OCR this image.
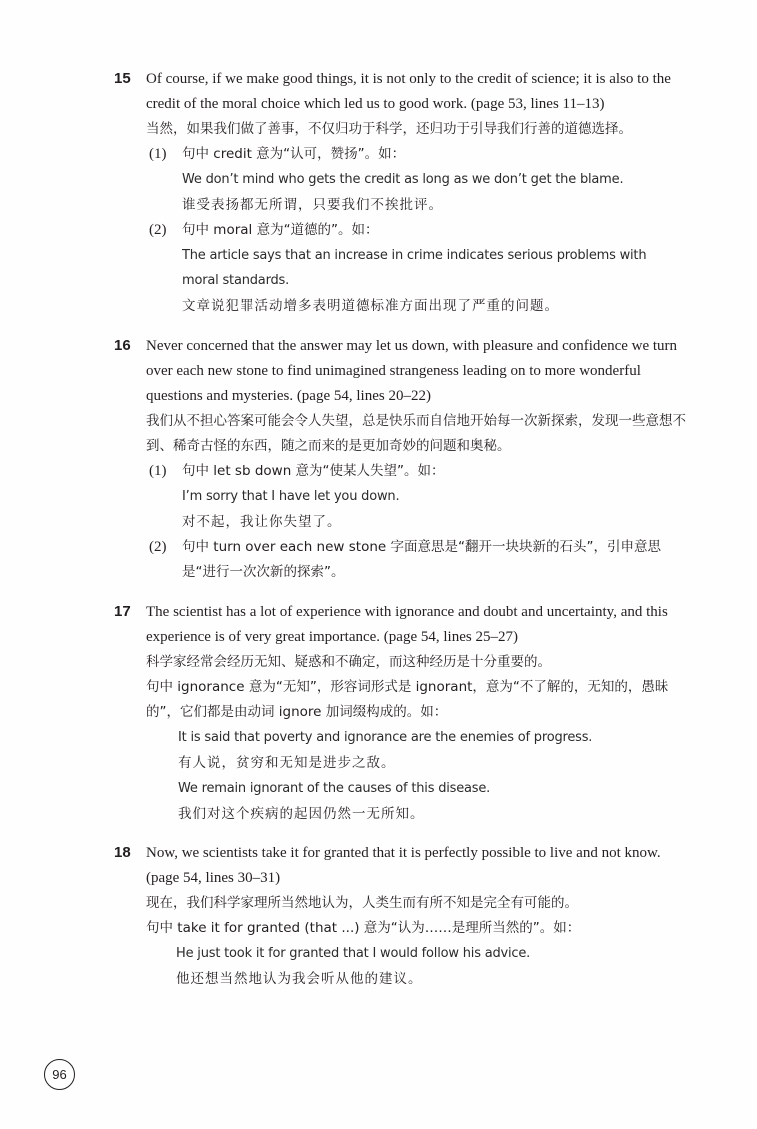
15 Of course, if we make good things, it is not only to the credit of science; it is also to the credit of the moral choice which led us to good work. (page 53, lines 11–13)
当然，如果我们做了善事，不仅归功于科学，还归功于引导我们行善的道德选择。
(1) 句中 credit 意为“认可，赞扬”。如：
We don’t mind who gets the credit as long as we don’t get the blame.
谁受表扬都无所谓，只要我们不挨批评。
(2) 句中 moral 意为“道德的”。如：
The article says that an increase in crime indicates serious problems with moral standards.
文章说犯罪活动增多表明道德标准方面出现了严重的问题。
16 Never concerned that the answer may let us down, with pleasure and confidence we turn over each new stone to find unimagined strangeness leading on to more wonderful questions and mysteries. (page 54, lines 20–22)
我们从不担心答案可能会令人失望，总是快乐而自信地开始每一次新探索，发现一些意想不到、稀奇古怪的东西，随之而来的是更加奇妙的问题和奥秘。
(1) 句中 let sb down 意为“使某人失望”。如：
I’m sorry that I have let you down.
对不起，我让你失望了。
(2) 句中 turn over each new stone 字面意思是“翻开一块块新的石头”，引申意思是“进行一次次新的探索”。
17 The scientist has a lot of experience with ignorance and doubt and uncertainty, and this experience is of very great importance. (page 54, lines 25–27)
科学家经常会经历无知、疑惑和不确定，而这种经历是十分重要的。
句中 ignorance 意为“无知”，形容词形式是 ignorant，意为“不了解的，无知的，愚昧的”，它们都是由动词 ignore 加词缀构成的。如：
It is said that poverty and ignorance are the enemies of progress.
有人说，贫穷和无知是进步之敌。
We remain ignorant of the causes of this disease.
我们对这个疾病的起因仍然一无所知。
18 Now, we scientists take it for granted that it is perfectly possible to live and not know. (page 54, lines 30–31)
现在，我们科学家理所当然地认为，人类生而有所不知是完全有可能的。
句中 take it for granted (that ...) 意为“认为……是理所当然的”。如：
He just took it for granted that I would follow his advice.
他还想当然地认为我会听从他的建议。
96
